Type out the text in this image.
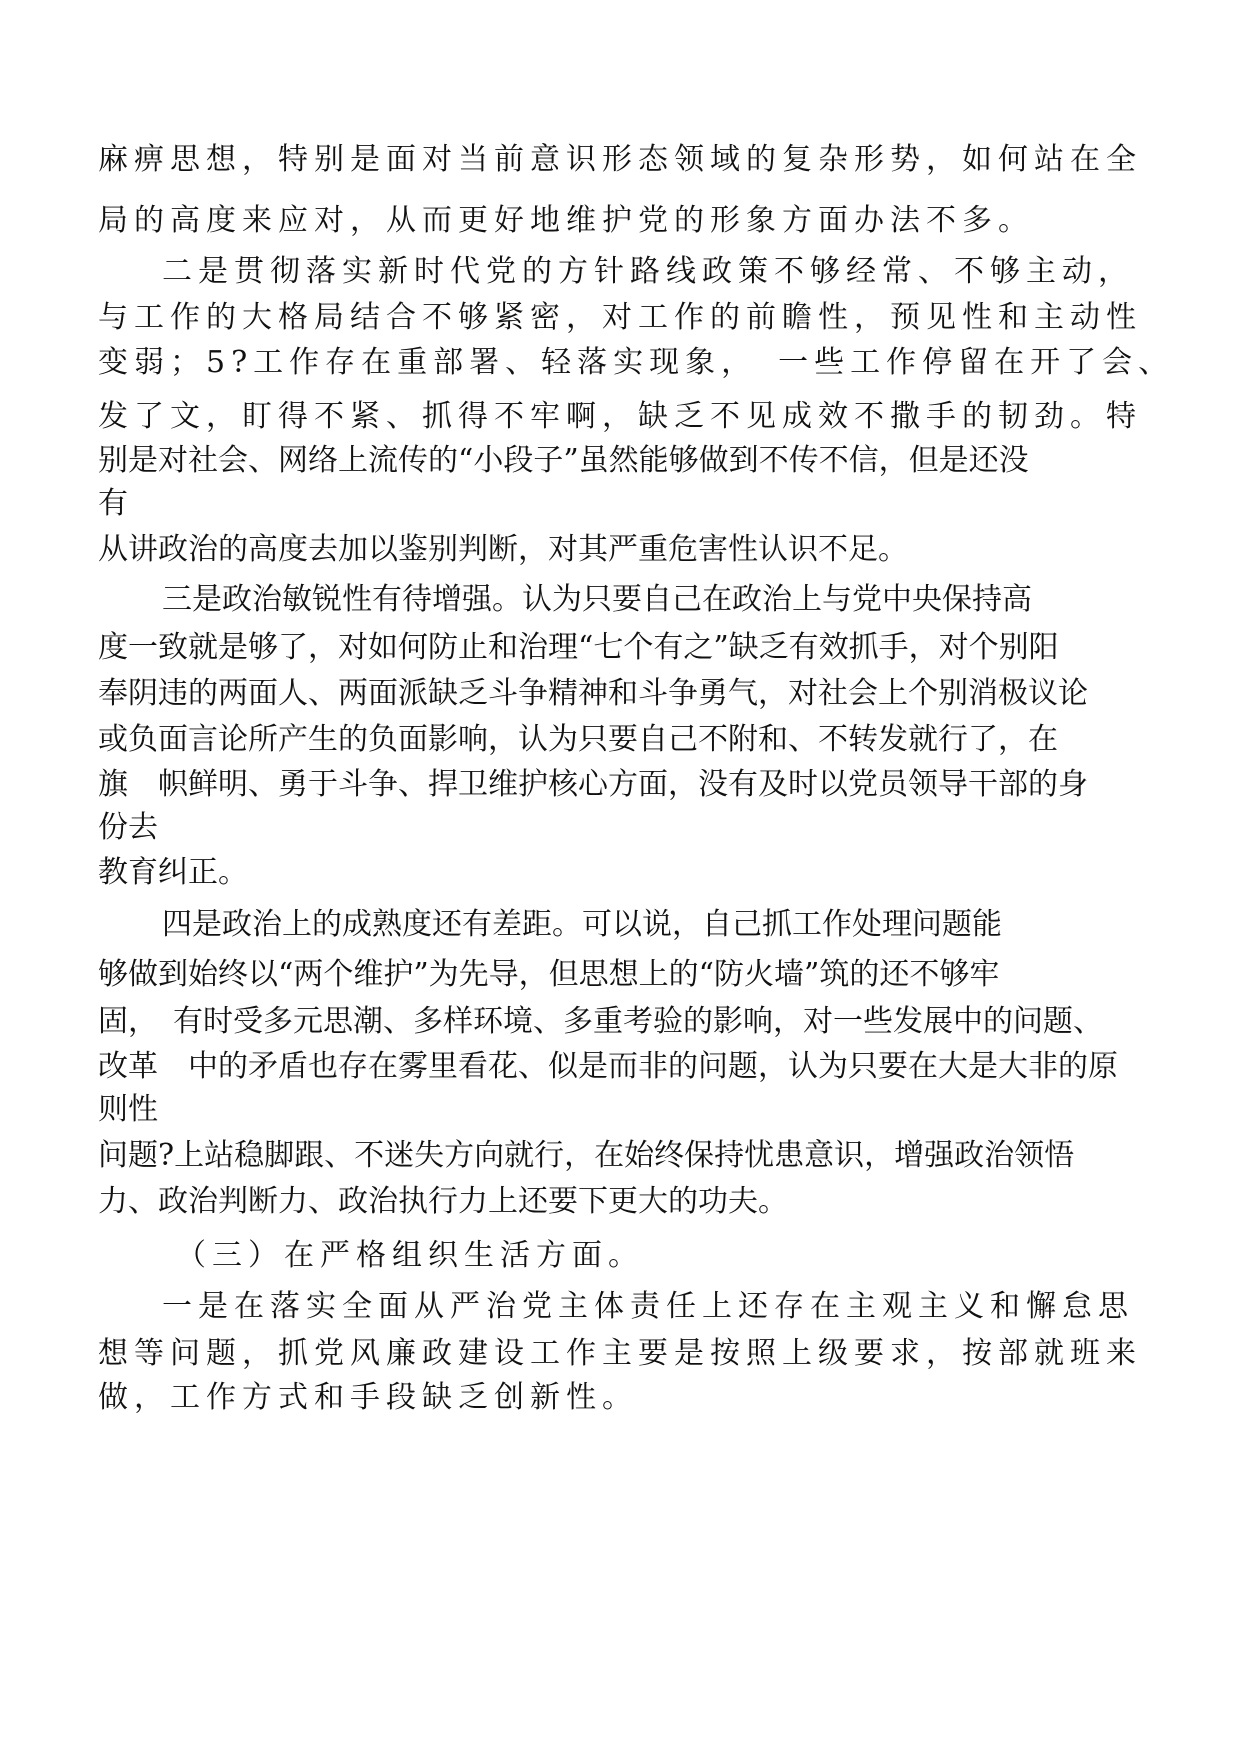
麻痹思想，特别是面对当前意识形态领域的复杂形势，如何站在全
局的高度来应对，从而更好地维护党的形象方面办法不多。
二是贯彻落实新时代党的方针路线政策不够经常、不够主动，
与工作的大格局结合不够紧密，对工作的前瞻性，预见性和主动性
变弱；5?工作存在重部署、轻落实现象，　一些工作停留在开了会、
发了文，盯得不紧、抓得不牢啊，缺乏不见成效不撒手的韧劲。特
别是对社会、网络上流传的“小段子”虽然能够做到不传不信，但是还没
有
从讲政治的高度去加以鉴别判断，对其严重危害性认识不足。
三是政治敏锐性有待增强。认为只要自己在政治上与党中央保持高
度一致就是够了，对如何防止和治理“七个有之”缺乏有效抓手，对个别阳
奉阴违的两面人、两面派缺乏斗争精神和斗争勇气，对社会上个别消极议论
或负面言论所产生的负面影响，认为只要自己不附和、不转发就行了，在
旗　帜鲜明、勇于斗争、捍卫维护核心方面，没有及时以党员领导干部的身
份去
教育纠正。
四是政治上的成熟度还有差距。可以说，自己抓工作处理问题能
够做到始终以“两个维护”为先导，但思想上的“防火墙”筑的还不够牢
固，　有时受多元思潮、多样环境、多重考验的影响，对一些发展中的问题、
改革　中的矛盾也存在雾里看花、似是而非的问题，认为只要在大是大非的原
则性
问题?上站稳脚跟、不迷失方向就行，在始终保持忧患意识，增强政治领悟
力、政治判断力、政治执行力上还要下更大的功夫。
（三）在严格组织生活方面。
一是在落实全面从严治党主体责任上还存在主观主义和懈怠思
想等问题，抓党风廉政建设工作主要是按照上级要求，按部就班来
做，工作方式和手段缺乏创新性。
